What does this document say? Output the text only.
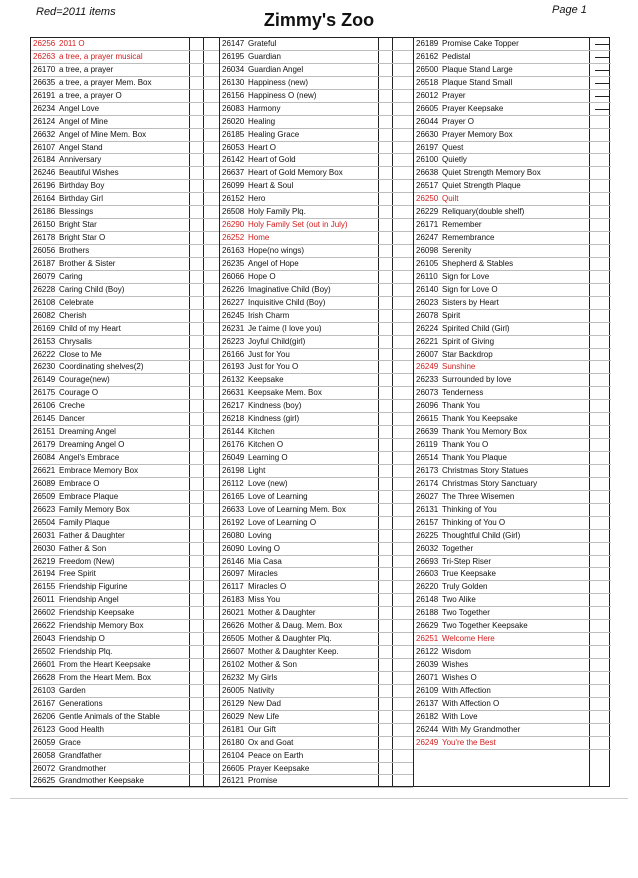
Red=2011 items	Zimmy's Zoo	Page 1
26256 2011 O
26263 a tree, a prayer musical
26170 a tree, a prayer
26635 a tree, a prayer Mem. Box
26191 a tree, a prayer O
26234 Angel Love
26124 Angel of Mine
26632 Angel of Mine Mem. Box
26107 Angel Stand
26184 Anniversary
26246 Beautiful Wishes
26196 Birthday Boy
26164 Birthday Girl
26186 Blessings
26150 Bright Star
26178 Bright Star O
26056 Brothers
26187 Brother & Sister
26079 Caring
26228 Caring Child (Boy)
26108 Celebrate
26082 Cherish
26169 Child of my Heart
26153 Chrysalis
26222 Close to Me
26230 Coordinating shelves(2)
26149 Courage(new)
26175 Courage O
26106 Creche
26145 Dancer
26151 Dreaming Angel
26179 Dreaming Angel O
26084 Angel's Embrace
26621 Embrace Memory Box
26089 Embrace O
26509 Embrace Plaque
26623 Family Memory Box
26504 Family Plaque
26031 Father & Daughter
26030 Father & Son
26219 Freedom (New)
26194 Free Spirit
26155 Friendship Figurine
26011 Friendship Angel
26602 Friendship Keepsake
26622 Friendship Memory Box
26043 Friendship O
26502 Friendship Plq.
26601 From the Heart Keepsake
26628 From the Heart Mem. Box
26103 Garden
26167 Generations
26206 Gentle Animals of the Stable
26123 Good Health
26059 Grace
26058 Grandfather
26072 Grandmother
26625 Grandmother Keepsake
26147 Grateful
26195 Guardian
26034 Guardian Angel
26130 Happiness (new)
26156 Happiness O (new)
26083 Harmony
26020 Healing
26185 Healing Grace
26053 Heart O
26142 Heart of Gold
26637 Heart of Gold Memory Box
26099 Heart & Soul
26152 Hero
26508 Holy Family Plq.
26290 Holy Family Set (out in July)
26252 Home
26163 Hope(no wings)
26235 Angel of Hope
26066 Hope O
26226 Imaginative Child (Boy)
26227 Inquisitive Child (Boy)
26245 Irish Charm
26231 Je t'aime (I love you)
26223 Joyful Child(girl)
26166 Just for You
26193 Just for You O
26132 Keepsake
26631 Keepsake Mem. Box
26217 Kindness (boy)
26218 Kindness (girl)
26144 Kitchen
26176 Kitchen O
26049 Learning O
26198 Light
26112 Love (new)
26165 Love of Learning
26633 Love of Learning Mem. Box
26192 Love of Learning O
26080 Loving
26090 Loving O
26146 Mia Casa
26097 Miracles
26117 Miracles O
26183 Miss You
26021 Mother & Daughter
26626 Mother & Daug. Mem. Box
26505 Mother & Daughter Plq.
26607 Mother & Daughter Keep.
26102 Mother & Son
26232 My Girls
26005 Nativity
26129 New Dad
26029 New Life
26181 Our Gift
26180 Ox and Goat
26104 Peace on Earth
26605 Prayer Keepsake
26121 Promise
26189 Promise Cake Topper
26162 Pedistal
26500 Plaque Stand Large
26518 Plaque Stand Small
26012 Prayer
26605 Prayer Keepsake
26044 Prayer O
26630 Prayer Memory Box
26197 Quest
26100 Quietly
26638 Quiet Strength Memory Box
26517 Quiet Strength Plaque
26250 Quilt
26229 Reliquary(double shelf)
26171 Remember
26247 Remembrance
26098 Serenity
26105 Shepherd & Stables
26110 Sign for Love
26140 Sign for Love O
26023 Sisters by Heart
26078 Spirit
26224 Spirited Child (Girl)
26221 Spirit of Giving
26007 Star Backdrop
26249 Sunshine
26233 Surrounded by love
26073 Tenderness
26096 Thank You
26615 Thank You Keepsake
26639 Thank You Memory Box
26119 Thank You O
26514 Thank You Plaque
26173 Christmas Story Statues
26174 Christmas Story Sanctuary
26027 The Three Wisemen
26131 Thinking of You
26157 Thinking of You O
26225 Thoughtful Child (Girl)
26032 Together
26693 Tri-Step Riser
26603 True Keepsake
26220 Truly Golden
26148 Two Alike
26188 Two Together
26629 Two Together Keepsake
26251 Welcome Here
26122 Wisdom
26039 Wishes
26071 Wishes O
26109 With Affection
26137 With Affection O
26182 With Love
26244 With My Grandmother
26249 You're the Best
